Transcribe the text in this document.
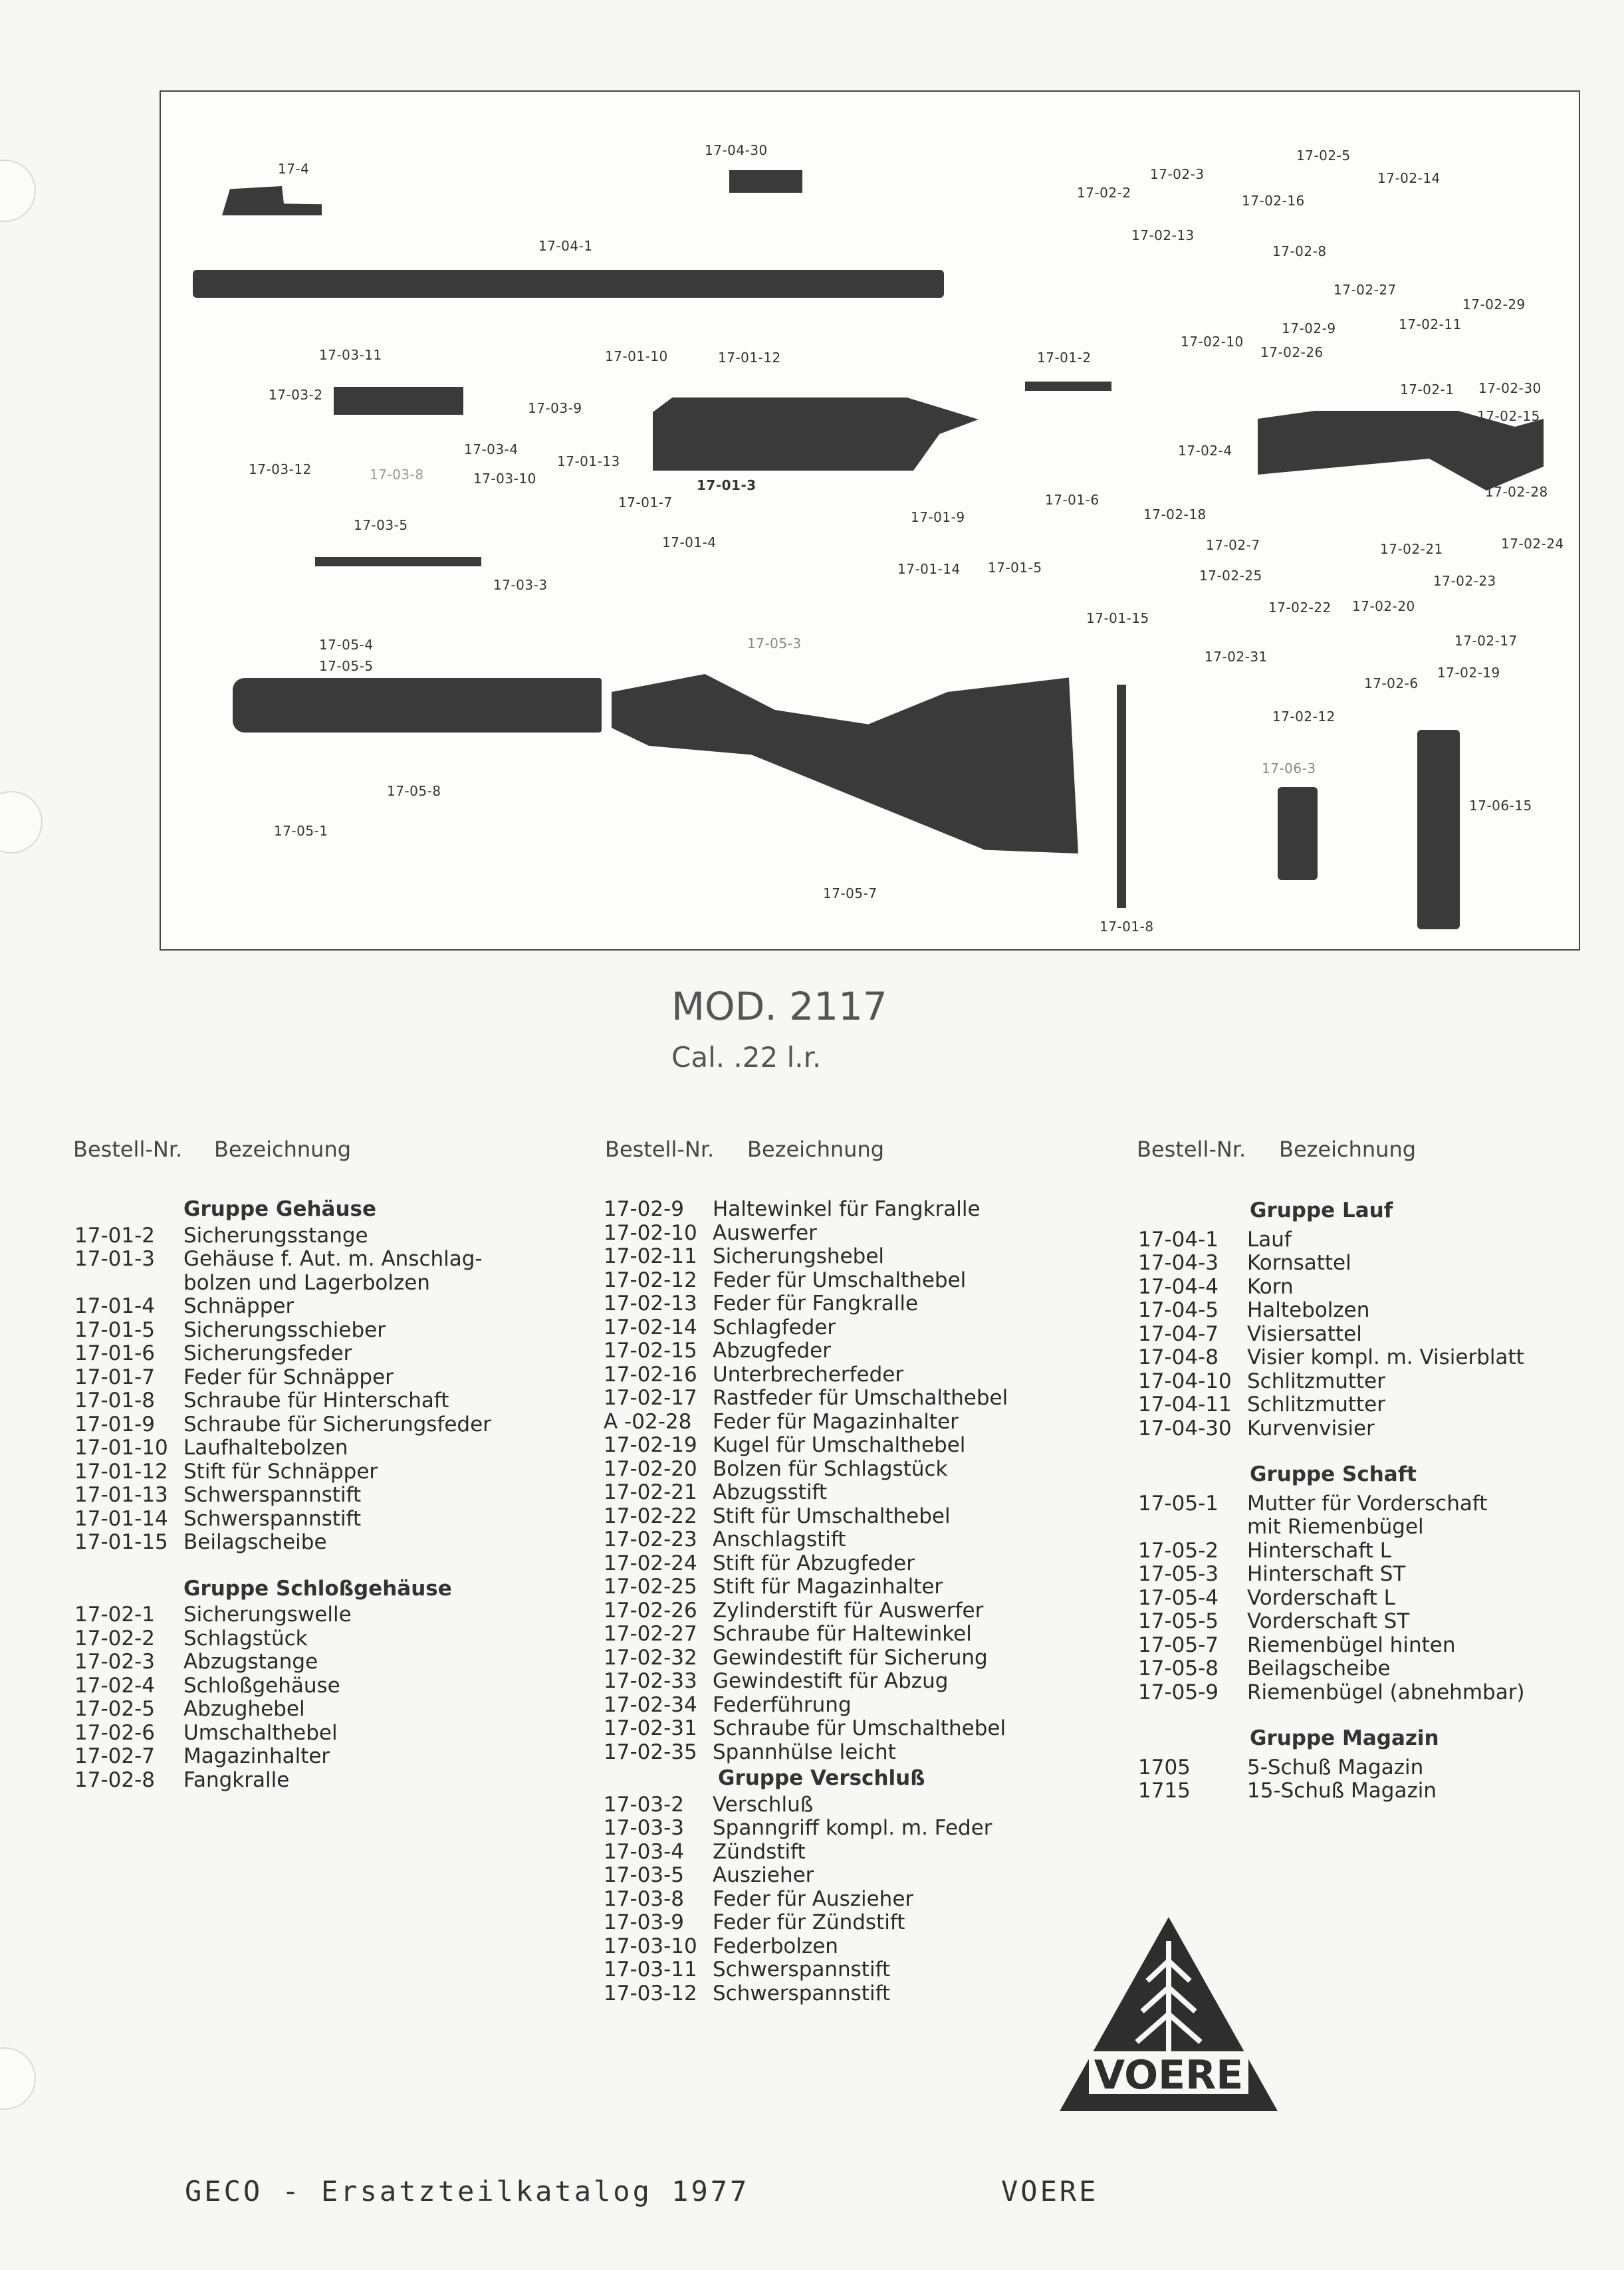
17-4
17-04-30
17-04-1
17-02-2
17-02-3
17-02-5
17-02-14
17-02-16
17-02-13
17-02-8
17-02-27
17-02-29
17-02-9	17-02-11
17-02-10
17-02-26
17-02-1 17-02-30
17-02-15
17-02-4
17-02-28
17-02-18
17-02-7	17-02-21	17-02-24
17-02-25	17-02-23
17-02-22 17-02-20
17-02-17
17-02-31
17-02-19
17-02-6
17-02-12
17-03-11
17-03-2
17-03-9
17-03-4
17-03-12	17-03-8	17-03-10
17-03-5
17-03-3
17-01-10	17-01-12	17-01-2
17-01-13
17-01-3
17-01-7
17-01-4
17-01-9
17-01-14
17-01-6
17-01-5
17-01-15
17-01-8
17-05-4
17-05-5
17-05-3
17-05-8
17-05-1
17-05-7
17-06-3
17-06-15
MOD. 2117
Cal. .22 l.r.
Bestell-Nr. Bezeichnung	Bestell-Nr. Bezeichnung	Bestell-Nr. Bezeichnung
Gruppe Gehäuse
17-01-2	Sicherungsstange
17-01-3	Gehäuse f. Aut. m. Anschlag-
bolzen und Lagerbolzen
17-01-4	Schnäpper
17-01-5	Sicherungsschieber
17-01-6	Sicherungsfeder
17-01-7	Feder für Schnäpper
17-01-8	Schraube für Hinterschaft
17-01-9	Schraube für Sicherungsfeder
17-01-10 Laufhaltebolzen
17-01-12 Stift für Schnäpper
17-01-13 Schwerspannstift
17-01-14 Schwerspannstift
17-01-15 Beilagscheibe
Gruppe Schloßgehäuse
17-02-1	Sicherungswelle
17-02-2	Schlagstück
17-02-3	Abzugstange
17-02-4	Schloßgehäuse
17-02-5	Abzughebel
17-02-6	Umschalthebel
17-02-7	Magazinhalter
17-02-8	Fangkralle
17-02-9	Haltewinkel für Fangkralle
17-02-10 Auswerfer
17-02-11 Sicherungshebel
17-02-12 Feder für Umschalthebel
17-02-13 Feder für Fangkralle
17-02-14 Schlagfeder
17-02-15 Abzugfeder
17-02-16 Unterbrecherfeder
17-02-17 Rastfeder für Umschalthebel
A -02-28	Feder für Magazinhalter
17-02-19 Kugel für Umschalthebel
17-02-20 Bolzen für Schlagstück
17-02-21 Abzugsstift
17-02-22 Stift für Umschalthebel
17-02-23 Anschlagstift
17-02-24 Stift für Abzugfeder
17-02-25 Stift für Magazinhalter
17-02-26 Zylinderstift für Auswerfer
17-02-27 Schraube für Haltewinkel
17-02-32 Gewindestift für Sicherung
17-02-33 Gewindestift für Abzug
17-02-34 Federführung
17-02-31 Schraube für Umschalthebel
17-02-35 Spannhülse leicht
Gruppe Verschluß
17-03-2	Verschluß
17-03-3	Spanngriff kompl. m. Feder
17-03-4	Zündstift
17-03-5	Auszieher
17-03-8	Feder für Auszieher
17-03-9	Feder für Zündstift
17-03-10 Federbolzen
17-03-11 Schwerspannstift
17-03-12 Schwerspannstift
Gruppe Lauf
17-04-1	Lauf
17-04-3	Kornsattel
17-04-4	Korn
17-04-5	Haltebolzen
17-04-7	Visiersattel
17-04-8	Visier kompl. m. Visierblatt
17-04-10 Schlitzmutter
17-04-11 Schlitzmutter
17-04-30 Kurvenvisier
Gruppe Schaft
17-05-1	Mutter für Vorderschaft
mit Riemenbügel
17-05-2	Hinterschaft L
17-05-3	Hinterschaft ST
17-05-4	Vorderschaft L
17-05-5	Vorderschaft ST
17-05-7	Riemenbügel hinten
17-05-8	Beilagscheibe
17-05-9	Riemenbügel (abnehmbar)
Gruppe Magazin
1705	5-Schuß Magazin
1715	15-Schuß Magazin
VOERE
GECO - Ersatzteilkatalog 1977	VOERE
